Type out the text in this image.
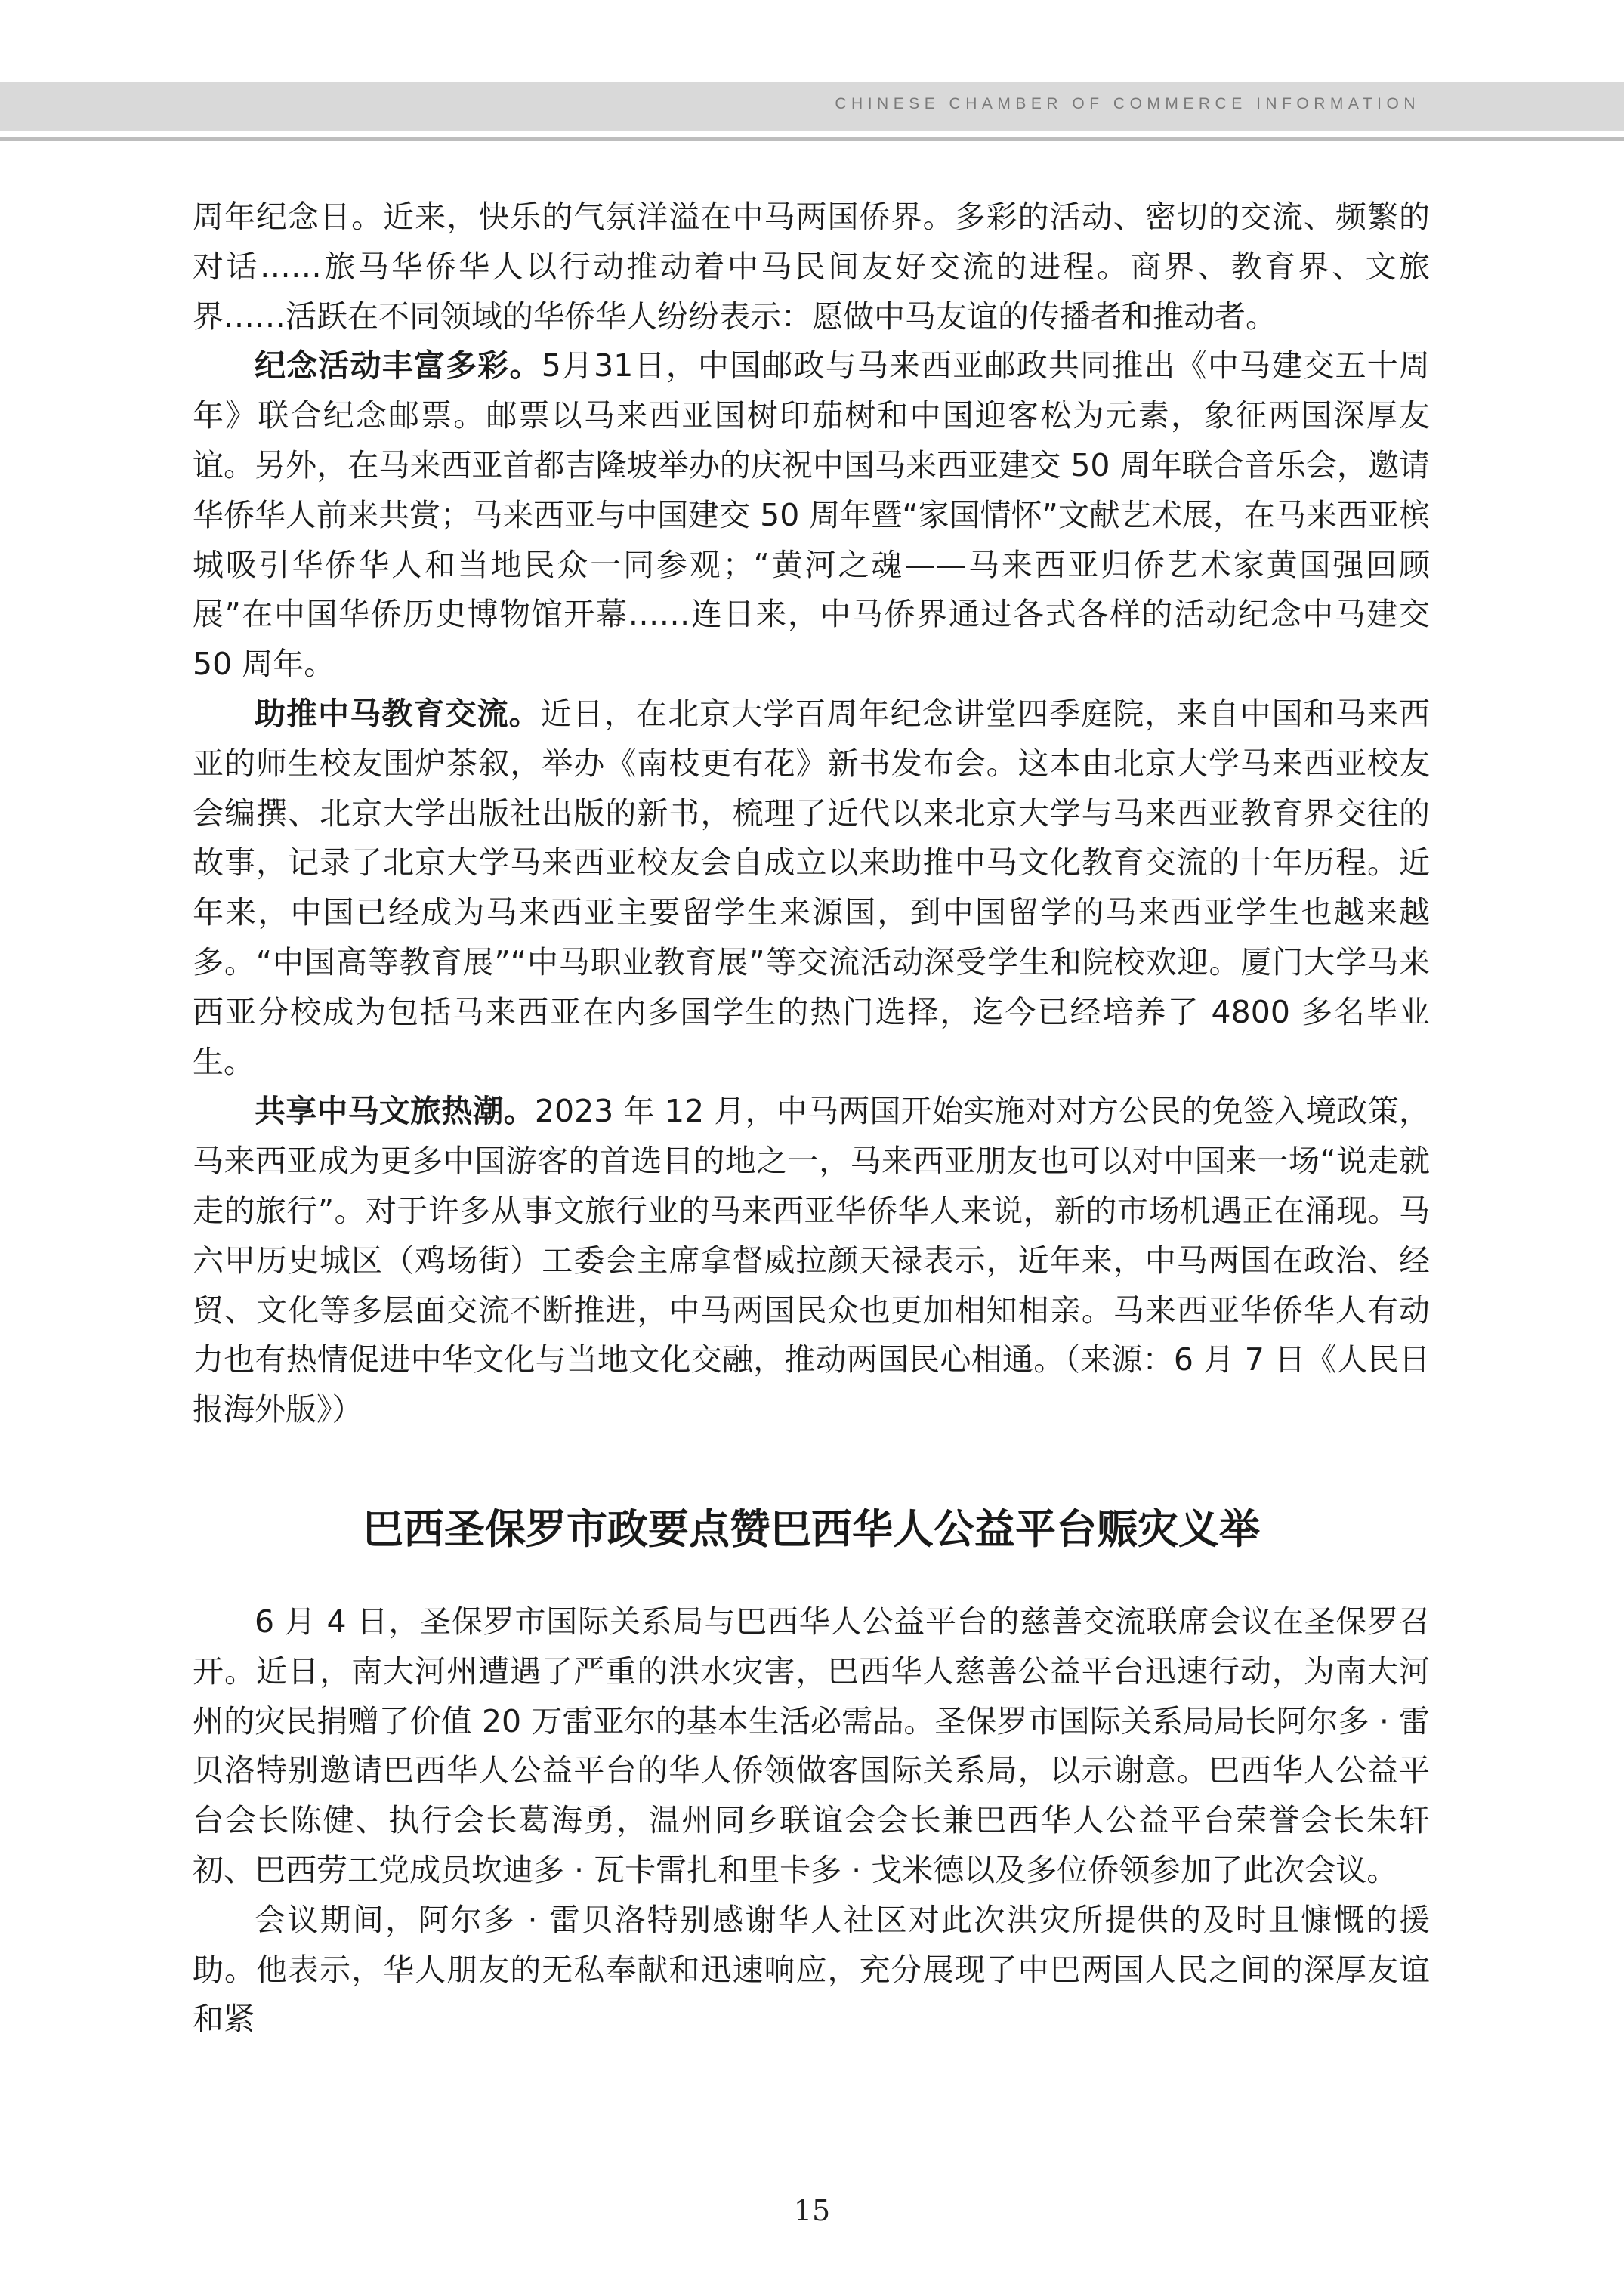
CHINESE CHAMBER OF COMMERCE INFORMATION

周年纪念日。近来，快乐的气氛洋溢在中马两国侨界。多彩的活动、密切的交流、频繁的对话……旅马华侨华人以行动推动着中马民间友好交流的进程。商界、教育界、文旅界……活跃在不同领域的华侨华人纷纷表示：愿做中马友谊的传播者和推动者。

纪念活动丰富多彩。5月31日，中国邮政与马来西亚邮政共同推出《中马建交五十周年》联合纪念邮票。邮票以马来西亚国树印茄树和中国迎客松为元素，象征两国深厚友谊。另外，在马来西亚首都吉隆坡举办的庆祝中国马来西亚建交 50 周年联合音乐会，邀请华侨华人前来共赏；马来西亚与中国建交 50 周年暨“家国情怀”文献艺术展，在马来西亚槟城吸引华侨华人和当地民众一同参观；“黄河之魂——马来西亚归侨艺术家黄国强回顾展”在中国华侨历史博物馆开幕……连日来，中马侨界通过各式各样的活动纪念中马建交 50 周年。

助推中马教育交流。近日，在北京大学百周年纪念讲堂四季庭院，来自中国和马来西亚的师生校友围炉茶叙，举办《南枝更有花》新书发布会。这本由北京大学马来西亚校友会编撰、北京大学出版社出版的新书，梳理了近代以来北京大学与马来西亚教育界交往的故事，记录了北京大学马来西亚校友会自成立以来助推中马文化教育交流的十年历程。近年来，中国已经成为马来西亚主要留学生来源国，到中国留学的马来西亚学生也越来越多。“中国高等教育展”“中马职业教育展”等交流活动深受学生和院校欢迎。厦门大学马来西亚分校成为包括马来西亚在内多国学生的热门选择，迄今已经培养了 4800 多名毕业生。

共享中马文旅热潮。2023 年 12 月，中马两国开始实施对对方公民的免签入境政策，马来西亚成为更多中国游客的首选目的地之一，马来西亚朋友也可以对中国来一场“说走就走的旅行”。对于许多从事文旅行业的马来西亚华侨华人来说，新的市场机遇正在涌现。马六甲历史城区（鸡场街）工委会主席拿督威拉颜天禄表示，近年来，中马两国在政治、经贸、文化等多层面交流不断推进，中马两国民众也更加相知相亲。马来西亚华侨华人有动力也有热情促进中华文化与当地文化交融，推动两国民心相通。（来源：6 月 7 日《人民日报海外版》）

巴西圣保罗市政要点赞巴西华人公益平台赈灾义举

6 月 4 日，圣保罗市国际关系局与巴西华人公益平台的慈善交流联席会议在圣保罗召开。近日，南大河州遭遇了严重的洪水灾害，巴西华人慈善公益平台迅速行动，为南大河州的灾民捐赠了价值 20 万雷亚尔的基本生活必需品。圣保罗市国际关系局局长阿尔多 · 雷贝洛特别邀请巴西华人公益平台的华人侨领做客国际关系局，以示谢意。巴西华人公益平台会长陈健、执行会长葛海勇，温州同乡联谊会会长兼巴西华人公益平台荣誉会长朱轩初、巴西劳工党成员坎迪多 · 瓦卡雷扎和里卡多 · 戈米德以及多位侨领参加了此次会议。

会议期间，阿尔多 · 雷贝洛特别感谢华人社区对此次洪灾所提供的及时且慷慨的援助。他表示，华人朋友的无私奉献和迅速响应，充分展现了中巴两国人民之间的深厚友谊和紧

15
